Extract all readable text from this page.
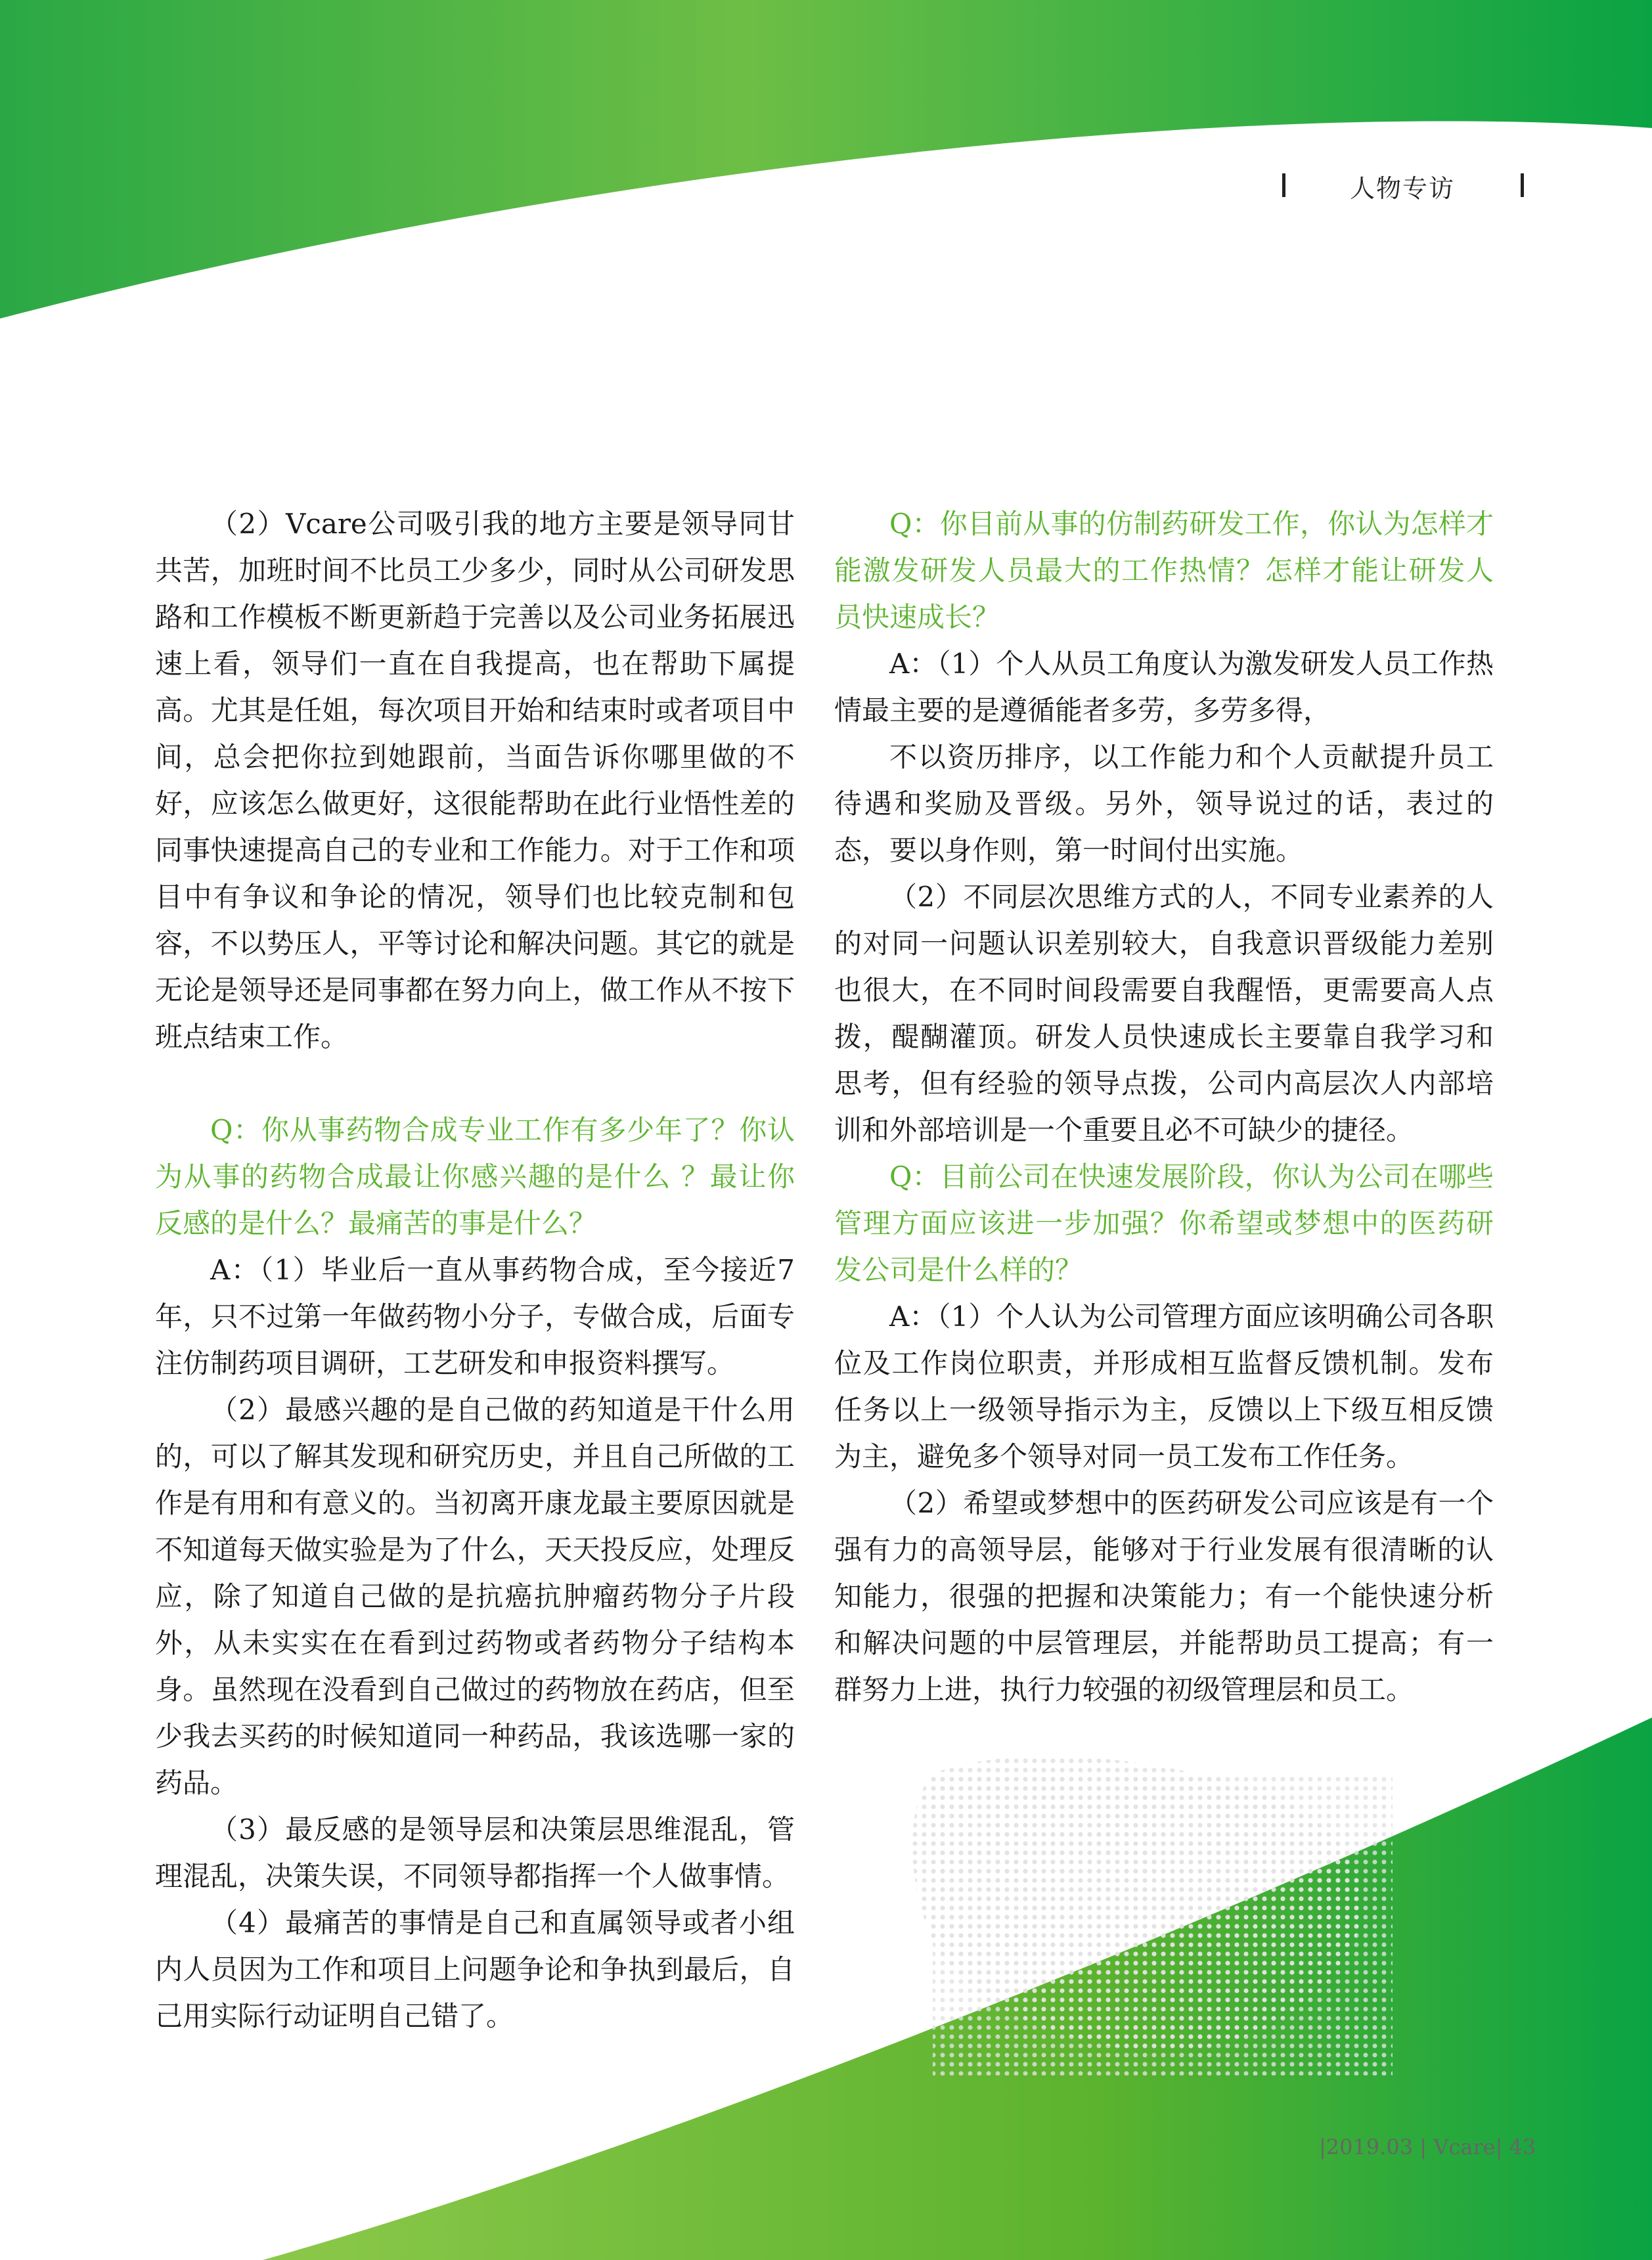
人物专访

（2）Vcare公司吸引我的地方主要是领导同甘共苦，加班时间不比员工少多少，同时从公司研发思路和工作模板不断更新趋于完善以及公司业务拓展迅速上看，领导们一直在自我提高，也在帮助下属提高。尤其是任姐，每次项目开始和结束时或者项目中间，总会把你拉到她跟前，当面告诉你哪里做的不好，应该怎么做更好，这很能帮助在此行业悟性差的同事快速提高自己的专业和工作能力。对于工作和项目中有争议和争论的情况，领导们也比较克制和包容，不以势压人，平等讨论和解决问题。其它的就是无论是领导还是同事都在努力向上，做工作从不按下班点结束工作。

Q：你从事药物合成专业工作有多少年了？你认为从事的药物合成最让你感兴趣的是什么 ？最让你反感的是什么？最痛苦的事是什么？

A：（1）毕业后一直从事药物合成，至今接近7年，只不过第一年做药物小分子，专做合成，后面专注仿制药项目调研，工艺研发和申报资料撰写。

（2）最感兴趣的是自己做的药知道是干什么用的，可以了解其发现和研究历史，并且自己所做的工作是有用和有意义的。当初离开康龙最主要原因就是不知道每天做实验是为了什么，天天投反应，处理反应，除了知道自己做的是抗癌抗肿瘤药物分子片段外，从未实实在在看到过药物或者药物分子结构本身。虽然现在没看到自己做过的药物放在药店，但至少我去买药的时候知道同一种药品，我该选哪一家的药品。

（3）最反感的是领导层和决策层思维混乱，管理混乱，决策失误，不同领导都指挥一个人做事情。

（4）最痛苦的事情是自己和直属领导或者小组内人员因为工作和项目上问题争论和争执到最后，自己用实际行动证明自己错了。

Q：你目前从事的仿制药研发工作，你认为怎样才能激发研发人员最大的工作热情？怎样才能让研发人员快速成长？

A：（1）个人从员工角度认为激发研发人员工作热情最主要的是遵循能者多劳，多劳多得，

不以资历排序，以工作能力和个人贡献提升员工待遇和奖励及晋级。另外，领导说过的话，表过的态，要以身作则，第一时间付出实施。

（2）不同层次思维方式的人，不同专业素养的人的对同一问题认识差别较大，自我意识晋级能力差别也很大，在不同时间段需要自我醒悟，更需要高人点拨，醍醐灌顶。研发人员快速成长主要靠自我学习和思考，但有经验的领导点拨，公司内高层次人内部培训和外部培训是一个重要且必不可缺少的捷径。

Q：目前公司在快速发展阶段，你认为公司在哪些管理方面应该进一步加强？你希望或梦想中的医药研发公司是什么样的？

A：（1）个人认为公司管理方面应该明确公司各职位及工作岗位职责，并形成相互监督反馈机制。发布任务以上一级领导指示为主，反馈以上下级互相反馈为主，避免多个领导对同一员工发布工作任务。

（2）希望或梦想中的医药研发公司应该是有一个强有力的高领导层，能够对于行业发展有很清晰的认知能力，很强的把握和决策能力；有一个能快速分析和解决问题的中层管理层，并能帮助员工提高；有一群努力上进，执行力较强的初级管理层和员工。

|2019.03 | Vcare| 43
